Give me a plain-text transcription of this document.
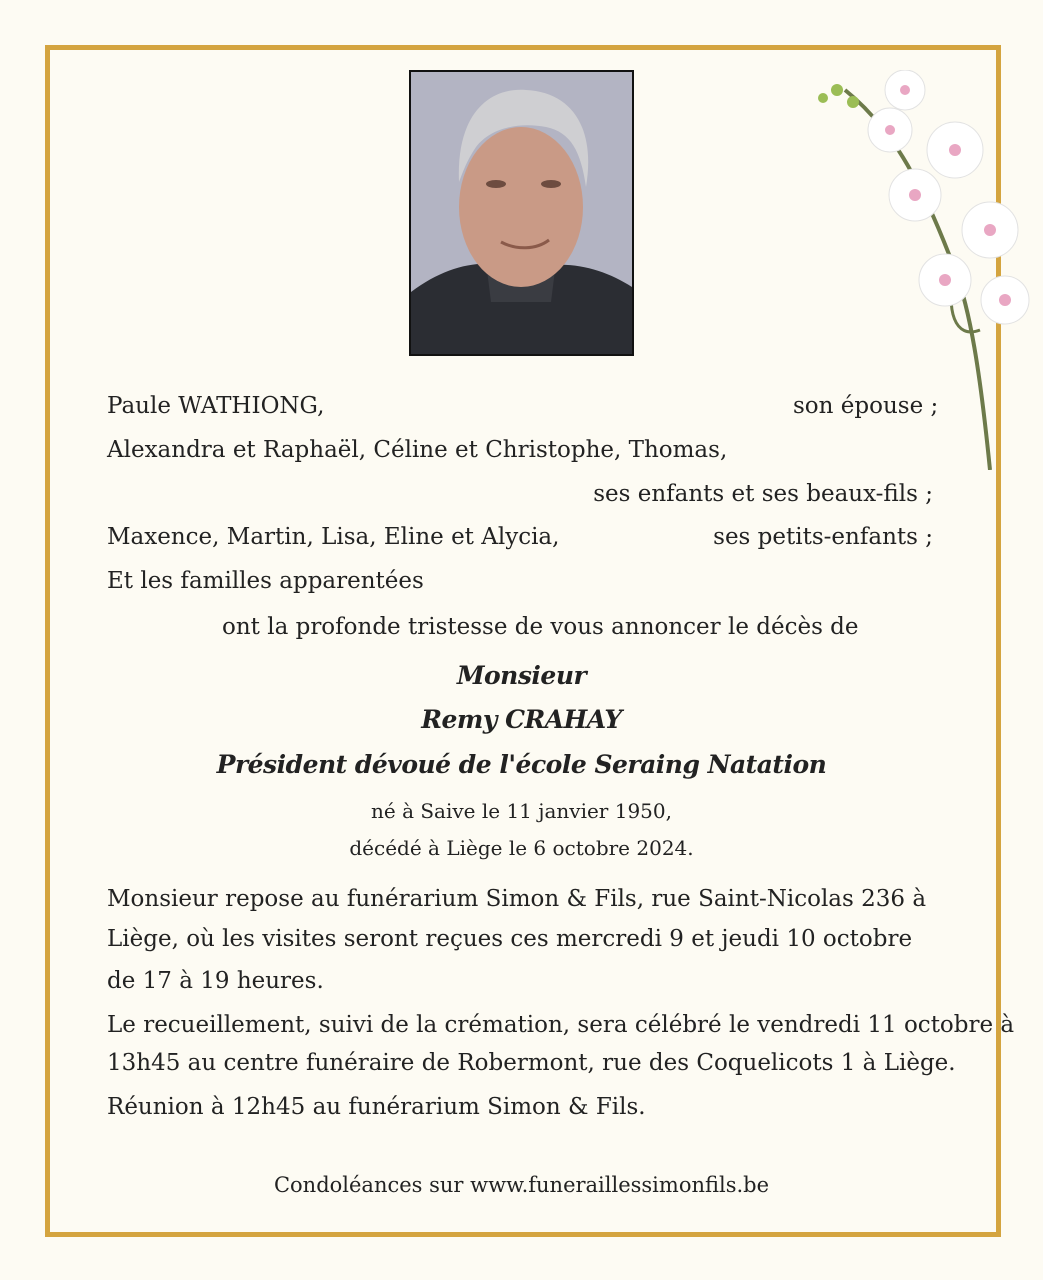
Paule WATHIONG,	son épouse ;
Alexandra et Raphaël, Céline et Christophe, Thomas,
ses enfants et ses beaux-fils ;
Maxence, Martin, Lisa, Eline et Alycia,	ses petits-enfants ;
Et les familles apparentées
ont la profonde tristesse de vous annoncer le décès de
Monsieur
Remy CRAHAY
Président dévoué de l'école Seraing Natation
né à Saive le 11 janvier 1950,
décédé à Liège le 6 octobre 2024.
Monsieur repose au funérarium Simon & Fils, rue Saint-Nicolas 236 à
Liège, où les visites seront reçues ces mercredi 9 et jeudi 10 octobre
de 17 à 19 heures.
Le recueillement, suivi de la crémation, sera célébré le vendredi 11 octobre à
13h45 au centre funéraire de Robermont, rue des Coquelicots 1 à Liège.
Réunion à 12h45 au funérarium Simon & Fils.
Condoléances sur www.funeraillessimonfils.be
